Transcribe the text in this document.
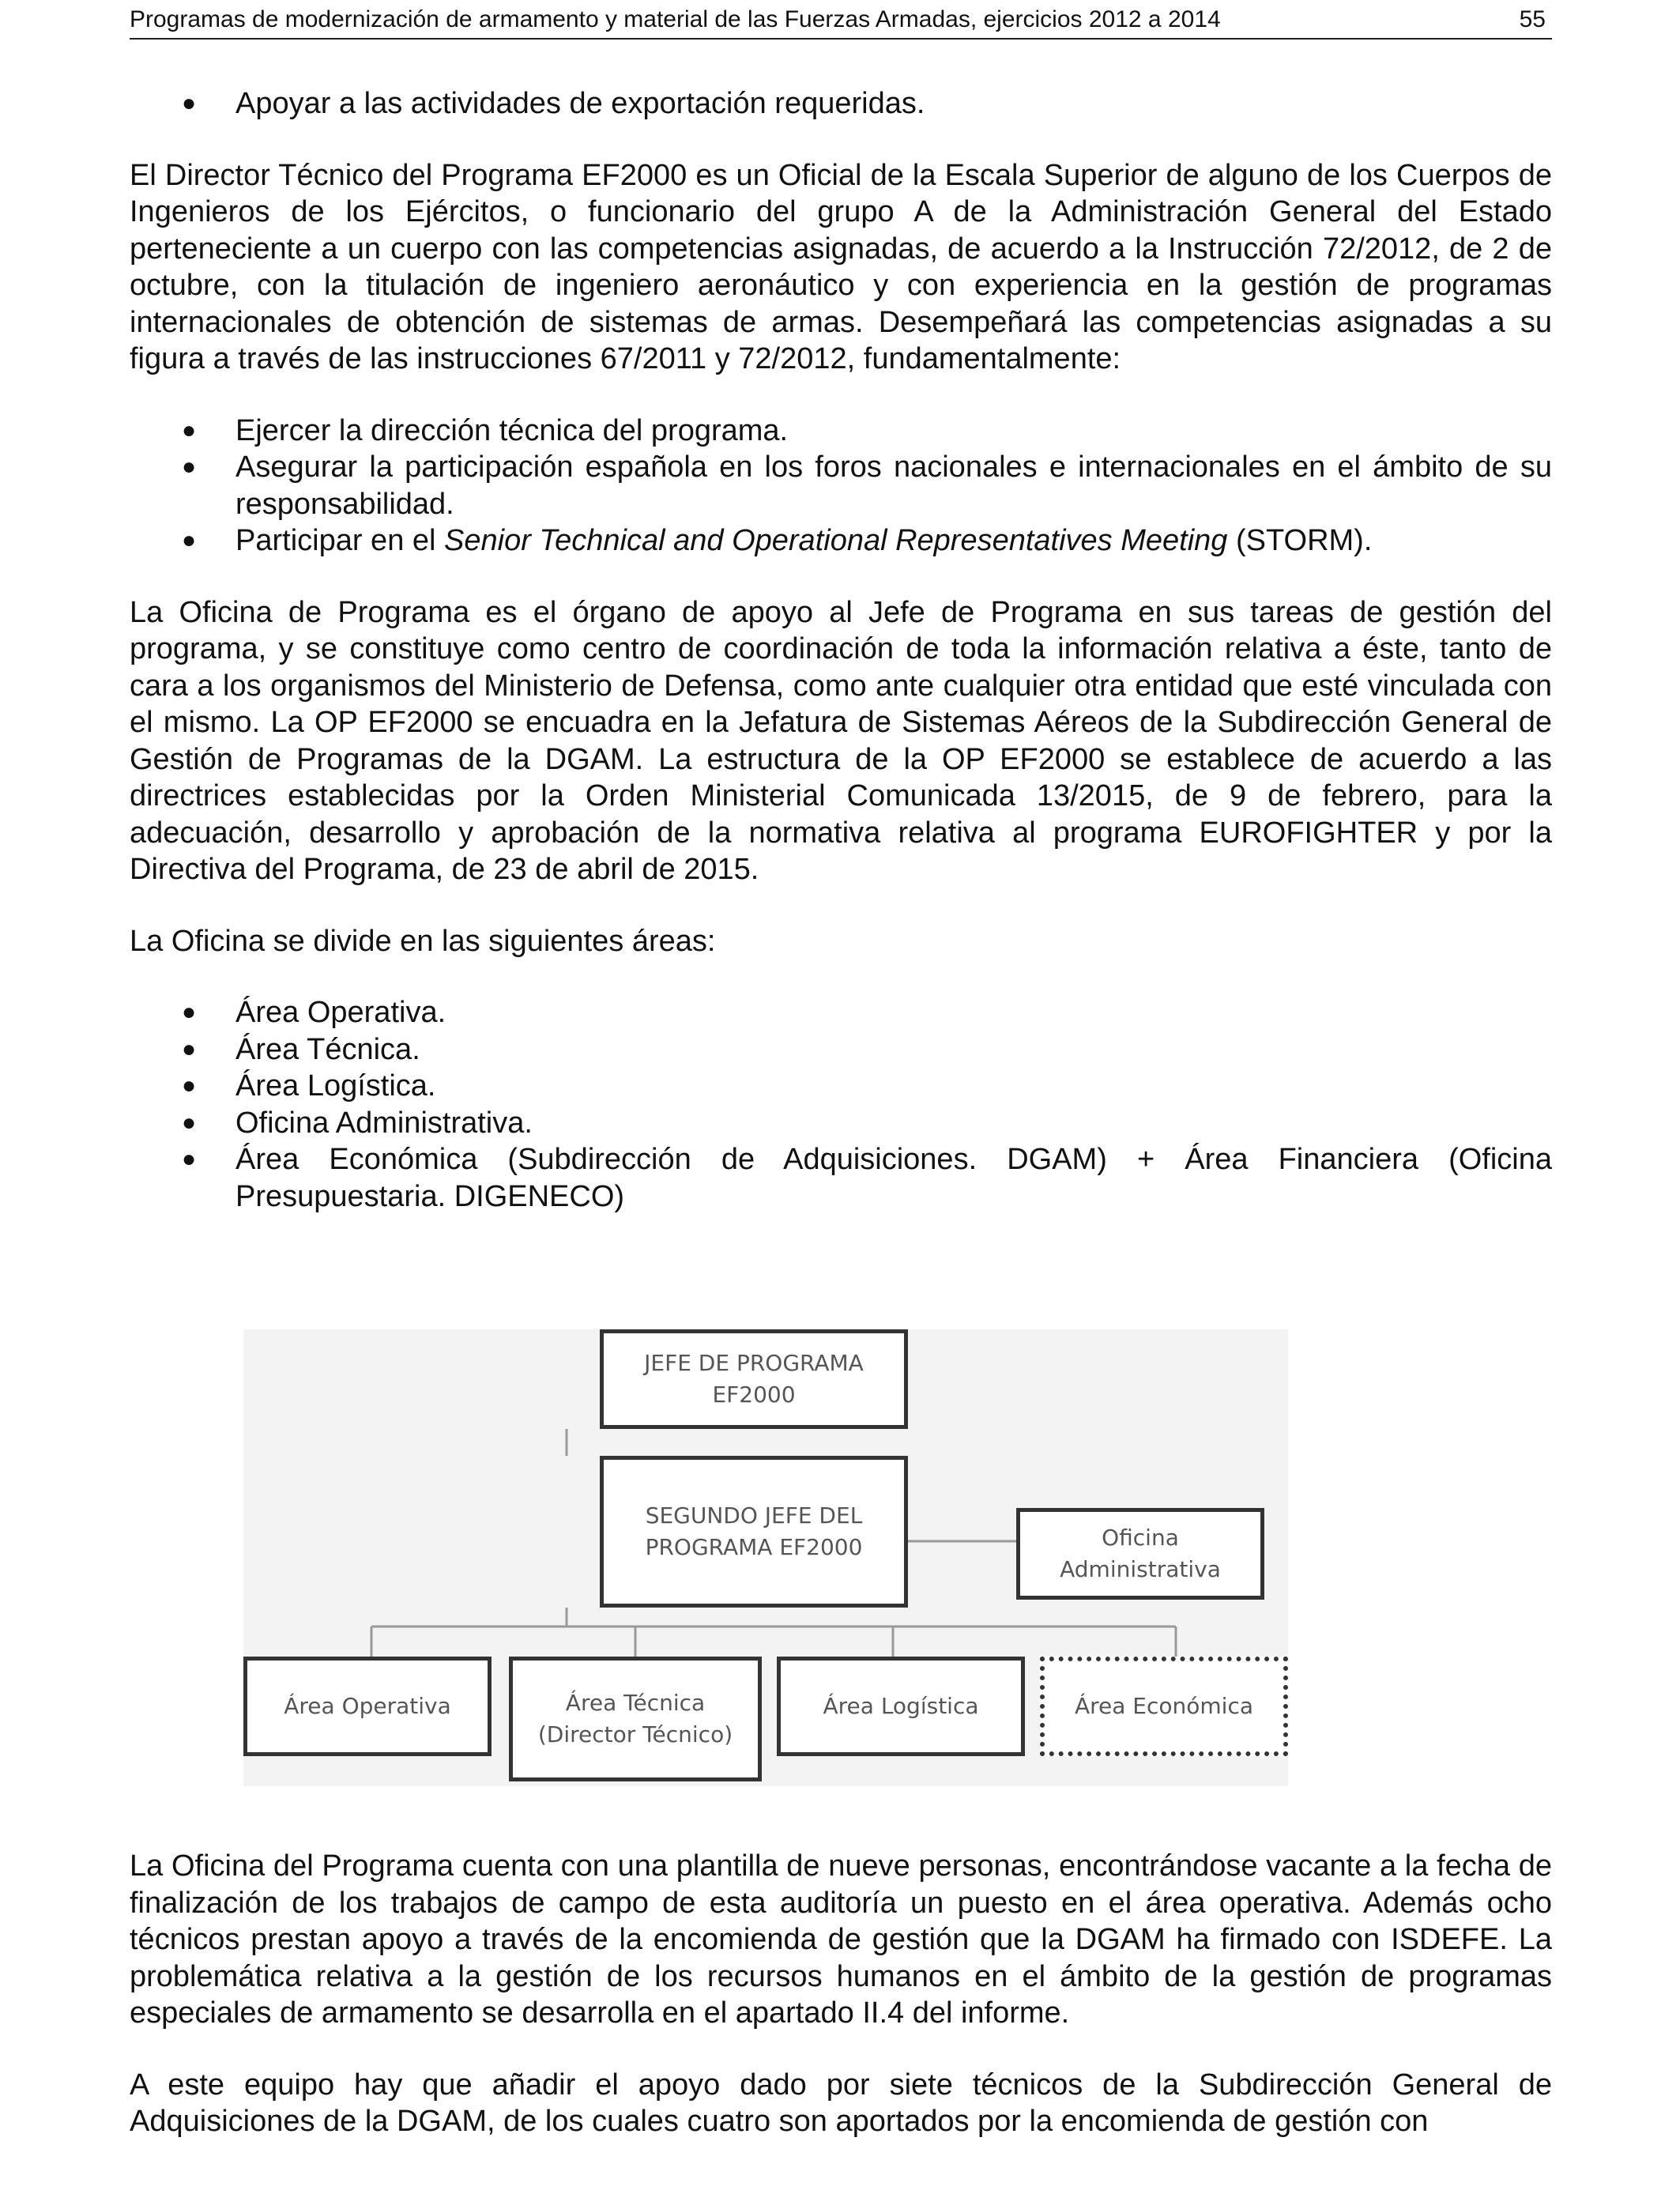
Programas de modernización de armamento y material de las Fuerzas Armadas, ejercicios 2012 a 2014	55
● Apoyar a las actividades de exportación requeridas.

El Director Técnico del Programa EF2000 es un Oficial de la Escala Superior de alguno de los Cuerpos de Ingenieros de los Ejércitos, o funcionario del grupo A de la Administración General del Estado perteneciente a un cuerpo con las competencias asignadas, de acuerdo a la Instrucción 72/2012, de 2 de octubre, con la titulación de ingeniero aeronáutico y con experiencia en la gestión de programas internacionales de obtención de sistemas de armas. Desempeñará las competencias asignadas a su figura a través de las instrucciones 67/2011 y 72/2012, fundamentalmente:

● Ejercer la dirección técnica del programa.
● Asegurar la participación española en los foros nacionales e internacionales en el ámbito de su responsabilidad.
● Participar en el Senior Technical and Operational Representatives Meeting (STORM).

La Oficina de Programa es el órgano de apoyo al Jefe de Programa en sus tareas de gestión del programa, y se constituye como centro de coordinación de toda la información relativa a éste, tanto de cara a los organismos del Ministerio de Defensa, como ante cualquier otra entidad que esté vinculada con el mismo. La OP EF2000 se encuadra en la Jefatura de Sistemas Aéreos de la Subdirección General de Gestión de Programas de la DGAM. La estructura de la OP EF2000 se establece de acuerdo a las directrices establecidas por la Orden Ministerial Comunicada 13/2015, de 9 de febrero, para la adecuación, desarrollo y aprobación de la normativa relativa al programa EUROFIGHTER y por la Directiva del Programa, de 23 de abril de 2015.

La Oficina se divide en las siguientes áreas:

● Área Operativa.
● Área Técnica.
● Área Logística.
● Oficina Administrativa.
● Área Económica (Subdirección de Adquisiciones. DGAM) + Área Financiera (Oficina Presupuestaria. DIGENECO)
JEFE DE PROGRAMA
EF2000
SEGUNDO JEFE DEL
PROGRAMA EF2000	Oficina
Administrativa
Área Operativa	Área Técnica
(Director Técnico)
Área Logística	Área Económica

La Oficina del Programa cuenta con una plantilla de nueve personas, encontrándose vacante a la fecha de finalización de los trabajos de campo de esta auditoría un puesto en el área operativa. Además ocho técnicos prestan apoyo a través de la encomienda de gestión que la DGAM ha firmado con ISDEFE. La problemática relativa a la gestión de los recursos humanos en el ámbito de la gestión de programas especiales de armamento se desarrolla en el apartado II.4 del informe.

A este equipo hay que añadir el apoyo dado por siete técnicos de la Subdirección General de Adquisiciones de la DGAM, de los cuales cuatro son aportados por la encomienda de gestión con
